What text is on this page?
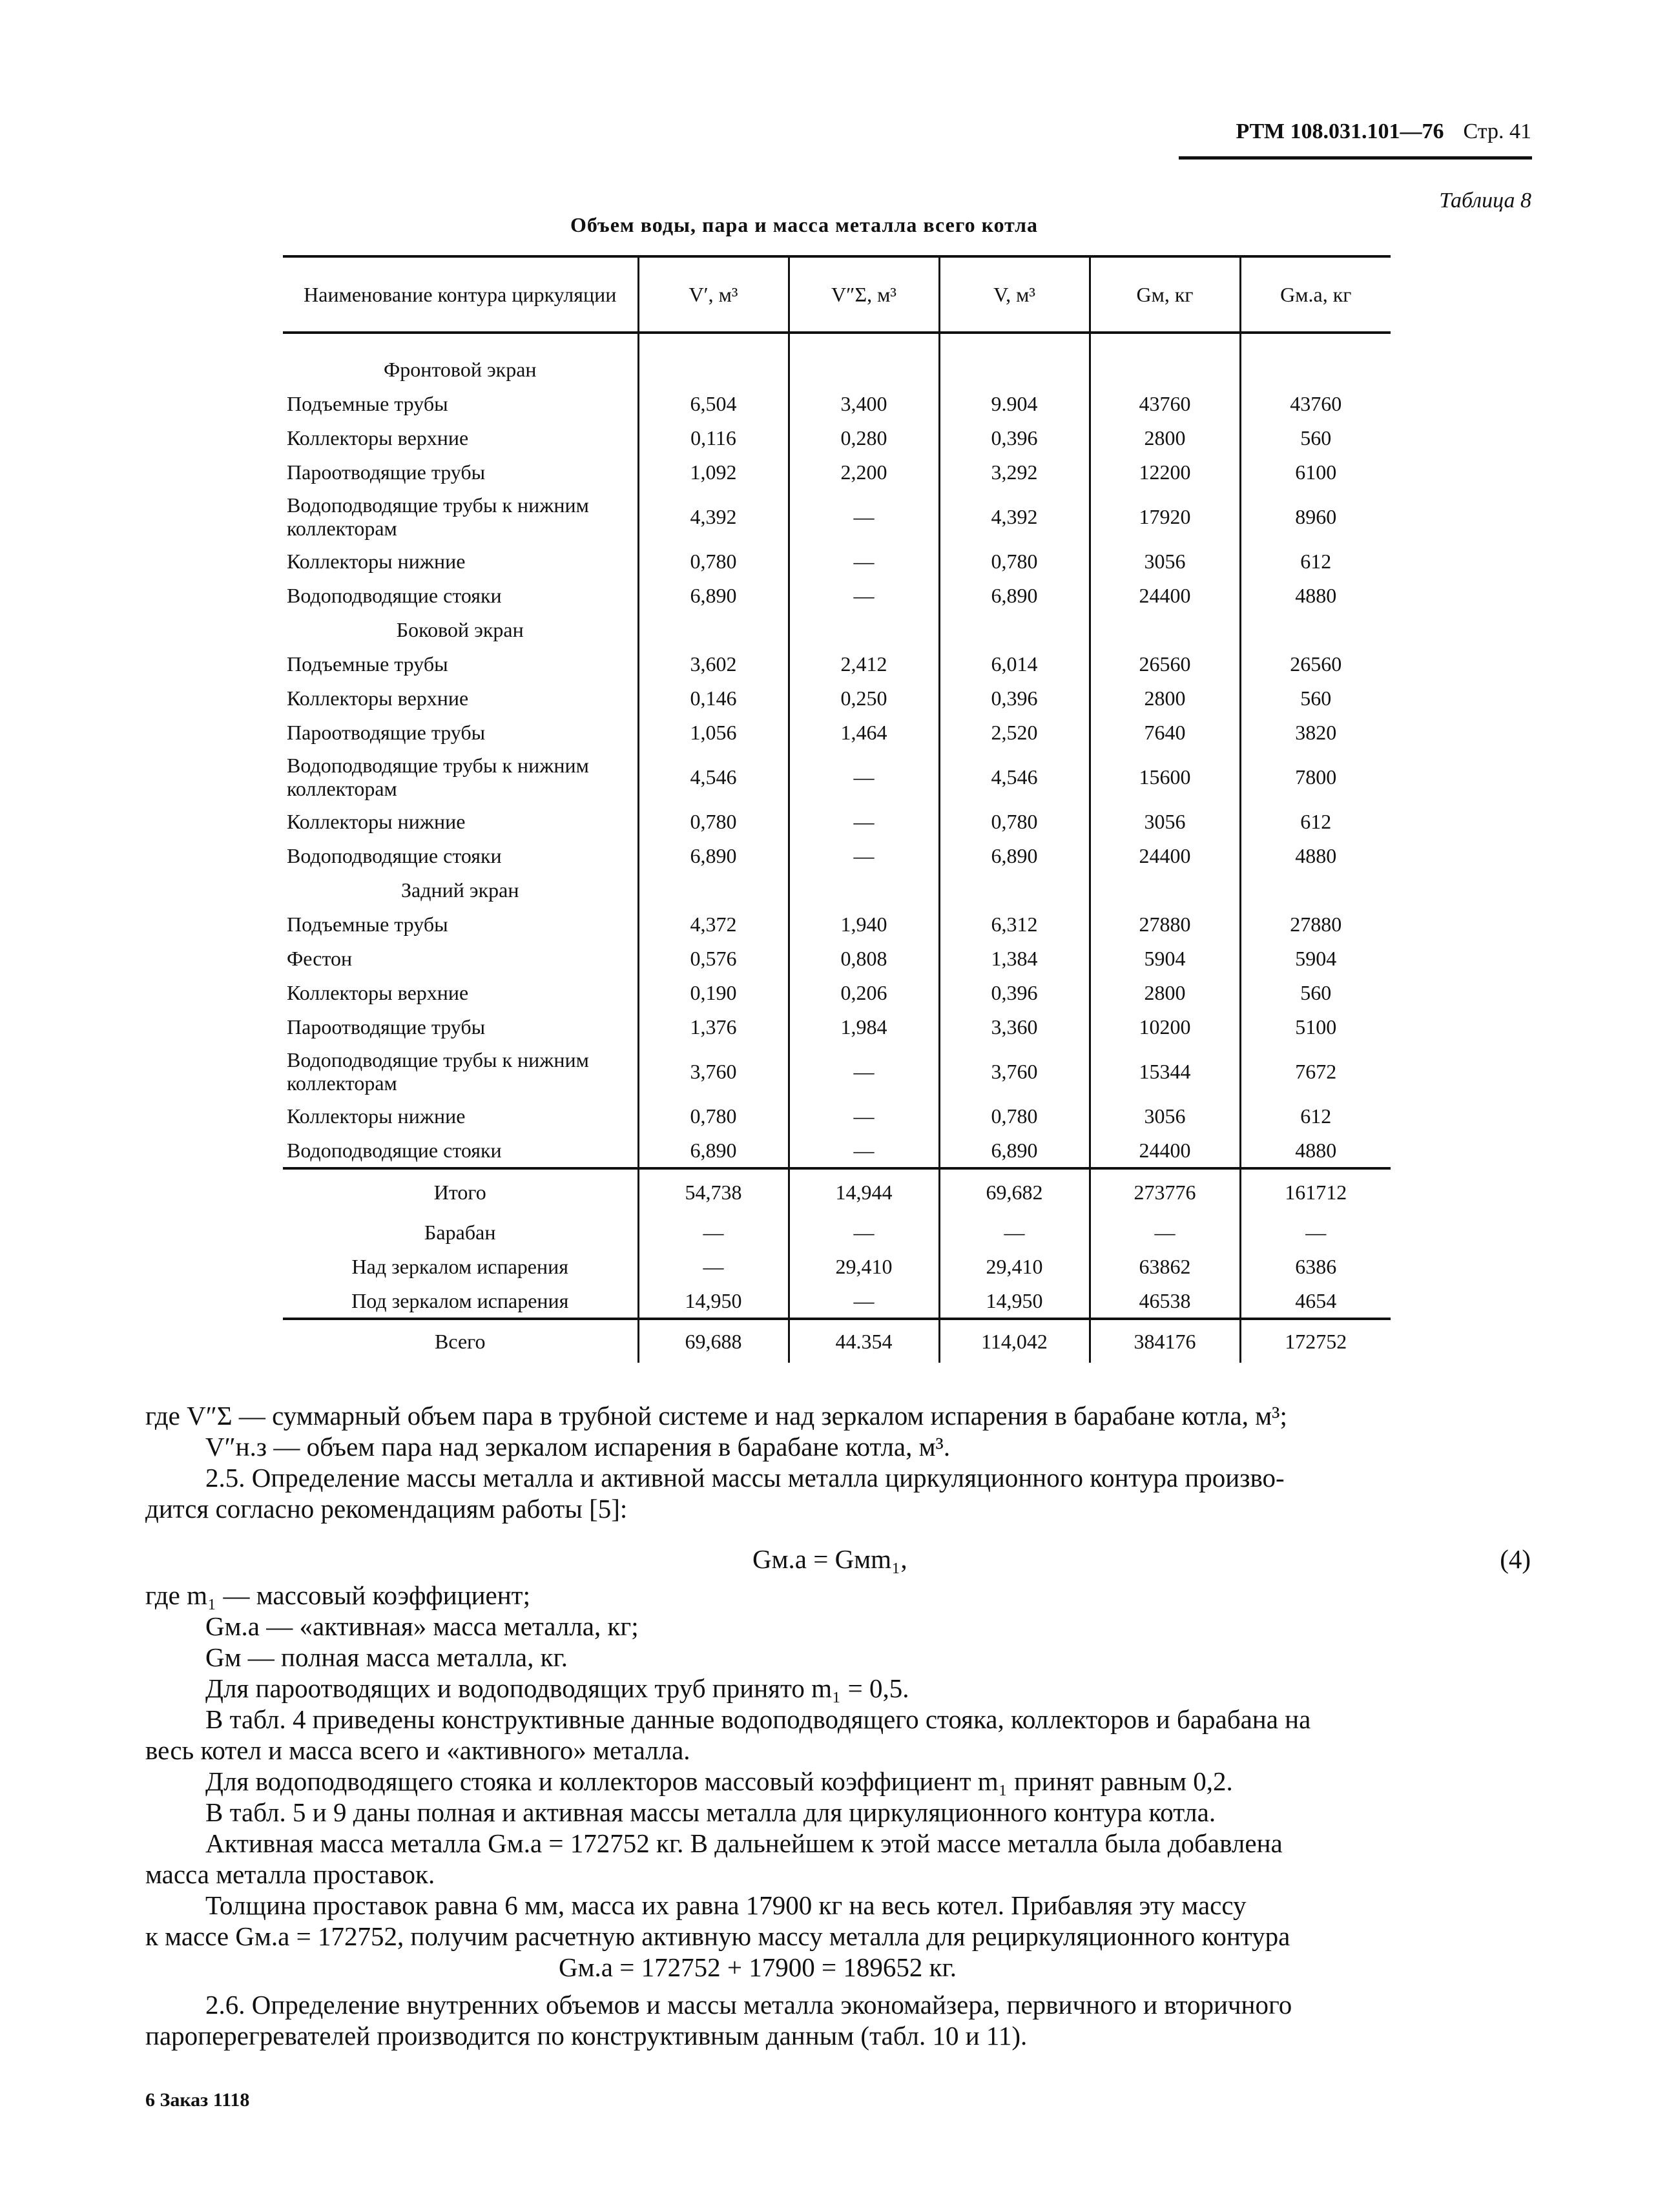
РТМ 108.031.101—76 Стр. 41
Таблица 8
Объем воды, пара и масса металла всего котла
Наименование контура циркуляции	V′, м³	V″Σ, м³	V, м³	Gм, кг	Gм.а, кг
Фронтовой экран					
Подъемные трубы	6,504	3,400	9.904	43760	43760
Коллекторы верхние	0,116	0,280	0,396	2800	560
Пароотводящие трубы	1,092	2,200	3,292	12200	6100
Водоподводящие трубы к нижним коллекторам	4,392	—	4,392	17920	8960
Коллекторы нижние	0,780	—	0,780	3056	612
Водоподводящие стояки	6,890	—	6,890	24400	4880
Боковой экран					
Подъемные трубы	3,602	2,412	6,014	26560	26560
Коллекторы верхние	0,146	0,250	0,396	2800	560
Пароотводящие трубы	1,056	1,464	2,520	7640	3820
Водоподводящие трубы к нижним коллекторам	4,546	—	4,546	15600	7800
Коллекторы нижние	0,780	—	0,780	3056	612
Водоподводящие стояки	6,890	—	6,890	24400	4880
Задний экран					
Подъемные трубы	4,372	1,940	6,312	27880	27880
Фестон	0,576	0,808	1,384	5904	5904
Коллекторы верхние	0,190	0,206	0,396	2800	560
Пароотводящие трубы	1,376	1,984	3,360	10200	5100
Водоподводящие трубы к нижним коллекторам	3,760	—	3,760	15344	7672
Коллекторы нижние	0,780	—	0,780	3056	612
Водоподводящие стояки	6,890	—	6,890	24400	4880
Итого	54,738	14,944	69,682	273776	161712
Барабан	—	—	—	—	—
Над зеркалом испарения	—	29,410	29,410	63862	6386
Под зеркалом испарения	14,950	—	14,950	46538	4654
Всего	69,688	44.354	114,042	384176	172752
где V″Σ — суммарный объем пара в трубной системе и над зеркалом испарения в барабане котла, м³;
V″н.з — объем пара над зеркалом испарения в барабане котла, м³.
2.5. Определение массы металла и активной массы металла циркуляционного контура произво-
дится согласно рекомендациям работы [5]:
Gм.а = Gмm₁,	(4)
где m₁ — массовый коэффициент;
Gм.а — «активная» масса металла, кг;
Gм — полная масса металла, кг.
Для пароотводящих и водоподводящих труб принято m₁ = 0,5.
В табл. 4 приведены конструктивные данные водоподводящего стояка, коллекторов и барабана на
весь котел и масса всего и «активного» металла.
Для водоподводящего стояка и коллекторов массовый коэффициент m₁ принят равным 0,2.
В табл. 5 и 9 даны полная и активная массы металла для циркуляционного контура котла.
Активная масса металла Gм.а = 172752 кг. В дальнейшем к этой массе металла была добавлена
масса металла проставок.
Толщина проставок равна 6 мм, масса их равна 17900 кг на весь котел. Прибавляя эту массу
к массе Gм.а = 172752, получим расчетную активную массу металла для рециркуляционного контура
Gм.а = 172752 + 17900 = 189652 кг.
2.6. Определение внутренних объемов и массы металла экономайзера, первичного и вторичного
пароперегревателей производится по конструктивным данным (табл. 10 и 11).
6 Заказ 1118
